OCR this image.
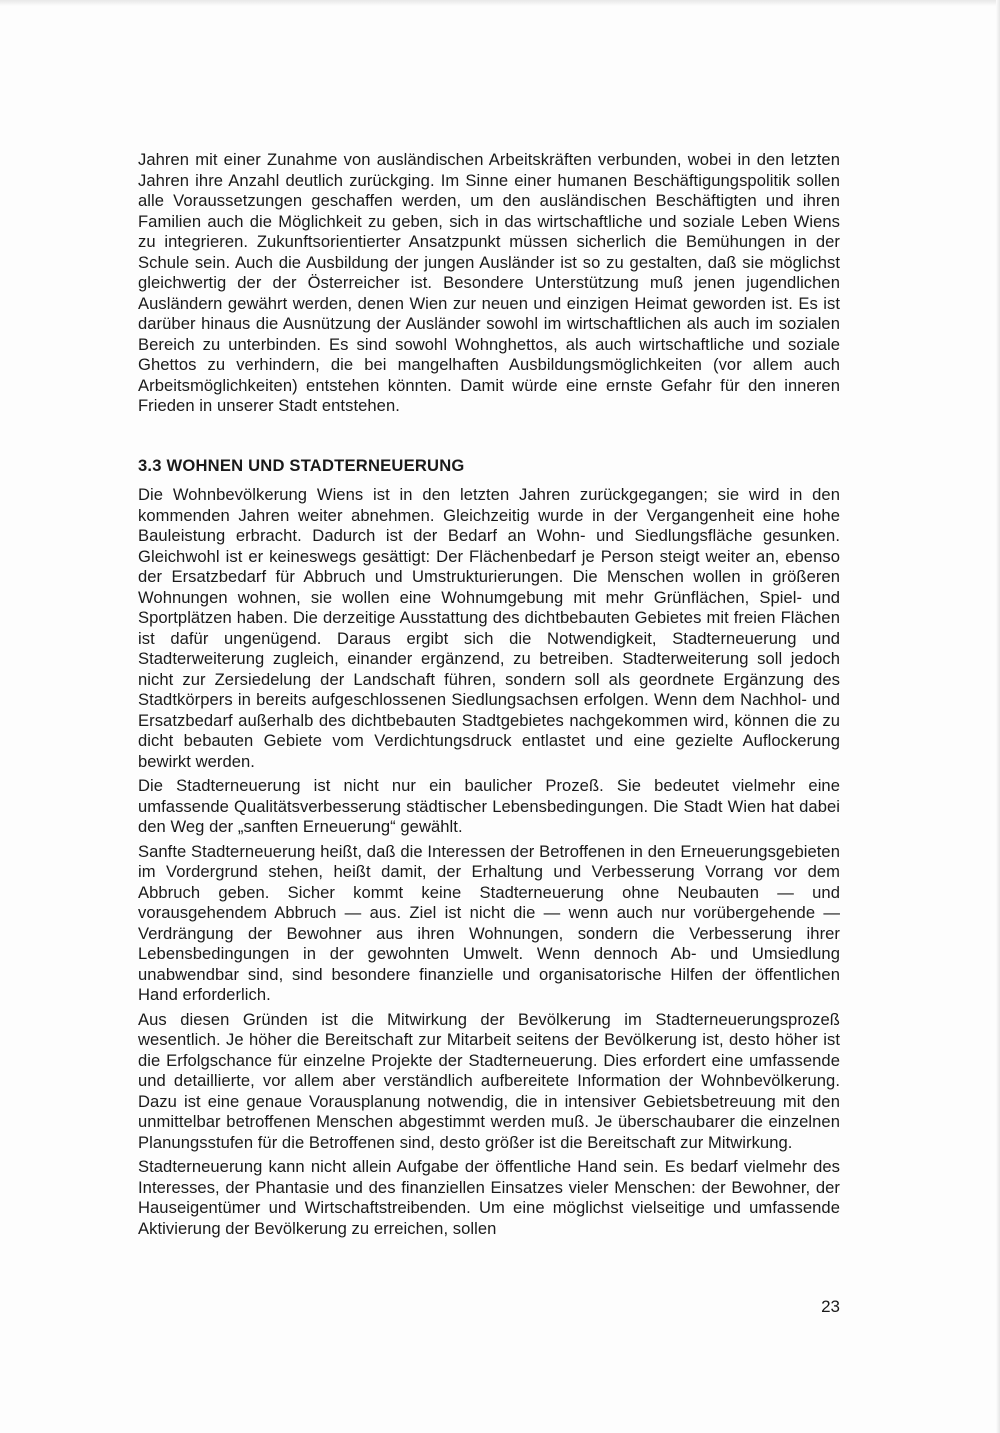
Jahren mit einer Zunahme von ausländischen Arbeitskräften verbunden, wobei in den letzten Jahren ihre Anzahl deutlich zurückging. Im Sinne einer humanen Beschäftigungspolitik sollen alle Voraussetzungen geschaffen werden, um den ausländischen Beschäftigten und ihren Familien auch die Möglichkeit zu geben, sich in das wirtschaftliche und soziale Leben Wiens zu integrieren. Zukunftsorientierter Ansatzpunkt müssen sicherlich die Bemühungen in der Schule sein. Auch die Ausbildung der jungen Ausländer ist so zu gestalten, daß sie möglichst gleichwertig der der Österreicher ist. Besondere Unterstützung muß jenen jugendlichen Ausländern gewährt werden, denen Wien zur neuen und einzigen Heimat geworden ist. Es ist darüber hinaus die Ausnützung der Ausländer sowohl im wirtschaftlichen als auch im sozialen Bereich zu unterbinden. Es sind sowohl Wohnghettos, als auch wirtschaftliche und soziale Ghettos zu verhindern, die bei mangelhaften Ausbildungsmöglichkeiten (vor allem auch Arbeitsmöglichkeiten) entstehen könnten. Damit würde eine ernste Gefahr für den inneren Frieden in unserer Stadt entstehen.

3.3 WOHNEN UND STADTERNEUERUNG

Die Wohnbevölkerung Wiens ist in den letzten Jahren zurückgegangen; sie wird in den kommenden Jahren weiter abnehmen. Gleichzeitig wurde in der Vergangenheit eine hohe Bauleistung erbracht. Dadurch ist der Bedarf an Wohn- und Siedlungsfläche gesunken. Gleichwohl ist er keineswegs gesättigt: Der Flächenbedarf je Person steigt weiter an, ebenso der Ersatzbedarf für Abbruch und Umstrukturierungen. Die Menschen wollen in größeren Wohnungen wohnen, sie wollen eine Wohnumgebung mit mehr Grünflächen, Spiel- und Sportplätzen haben. Die derzeitige Ausstattung des dichtbebauten Gebietes mit freien Flächen ist dafür ungenügend. Daraus ergibt sich die Notwendigkeit, Stadterneuerung und Stadterweiterung zugleich, einander ergänzend, zu betreiben. Stadterweiterung soll jedoch nicht zur Zersiedelung der Landschaft führen, sondern soll als geordnete Ergänzung des Stadtkörpers in bereits aufgeschlossenen Siedlungsachsen erfolgen. Wenn dem Nachhol- und Ersatzbedarf außerhalb des dichtbebauten Stadtgebietes nachgekommen wird, können die zu dicht bebauten Gebiete vom Verdichtungsdruck entlastet und eine gezielte Auflockerung bewirkt werden.

Die Stadterneuerung ist nicht nur ein baulicher Prozeß. Sie bedeutet vielmehr eine umfassende Qualitätsverbesserung städtischer Lebensbedingungen. Die Stadt Wien hat dabei den Weg der „sanften Erneuerung“ gewählt.

Sanfte Stadterneuerung heißt, daß die Interessen der Betroffenen in den Erneuerungsgebieten im Vordergrund stehen, heißt damit, der Erhaltung und Verbesserung Vorrang vor dem Abbruch geben. Sicher kommt keine Stadterneuerung ohne Neubauten — und vorausgehendem Abbruch — aus. Ziel ist nicht die — wenn auch nur vorübergehende — Verdrängung der Bewohner aus ihren Wohnungen, sondern die Verbesserung ihrer Lebensbedingungen in der gewohnten Umwelt. Wenn dennoch Ab- und Umsiedlung unabwendbar sind, sind besondere finanzielle und organisatorische Hilfen der öffentlichen Hand erforderlich.

Aus diesen Gründen ist die Mitwirkung der Bevölkerung im Stadterneuerungsprozeß wesentlich. Je höher die Bereitschaft zur Mitarbeit seitens der Bevölkerung ist, desto höher ist die Erfolgschance für einzelne Projekte der Stadterneuerung. Dies erfordert eine umfassende und detaillierte, vor allem aber verständlich aufbereitete Information der Wohnbevölkerung. Dazu ist eine genaue Vorausplanung notwendig, die in intensiver Gebietsbetreuung mit den unmittelbar betroffenen Menschen abgestimmt werden muß. Je überschaubarer die einzelnen Planungsstufen für die Betroffenen sind, desto größer ist die Bereitschaft zur Mitwirkung.

Stadterneuerung kann nicht allein Aufgabe der öffentliche Hand sein. Es bedarf vielmehr des Interesses, der Phantasie und des finanziellen Einsatzes vieler Menschen: der Bewohner, der Hauseigentümer und Wirtschaftstreibenden. Um eine möglichst vielseitige und umfassende Aktivierung der Bevölkerung zu erreichen, sollen

23
